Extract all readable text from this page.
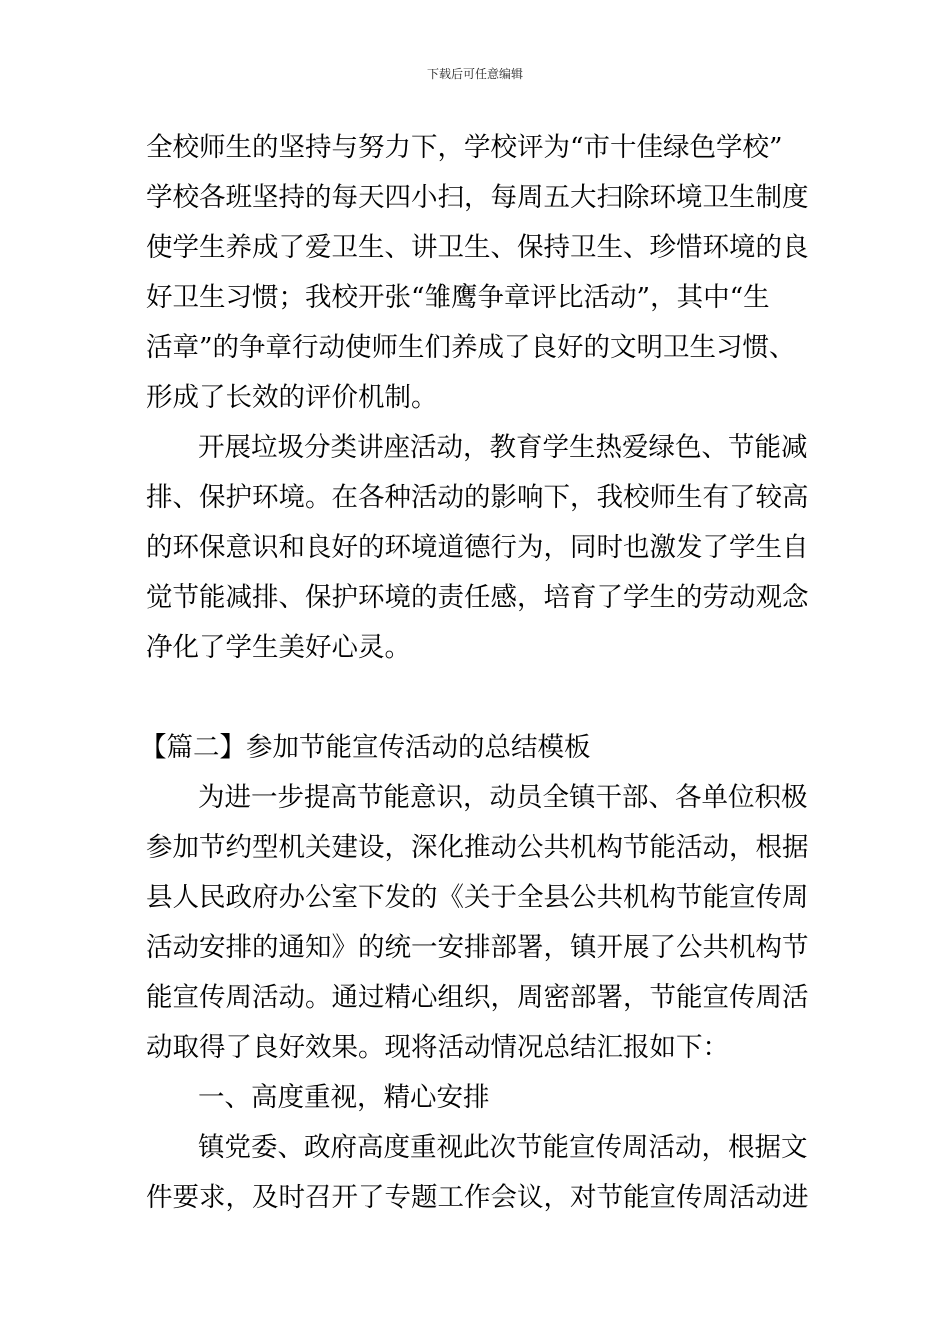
下载后可任意编辑
全校师生的坚持与努力下，学校评为“市十佳绿色学校”
学校各班坚持的每天四小扫，每周五大扫除环境卫生制度
使学生养成了爱卫生、讲卫生、保持卫生、珍惜环境的良
好卫生习惯；我校开张“雏鹰争章评比活动”，其中“生
活章”的争章行动使师生们养成了良好的文明卫生习惯、
形成了长效的评价机制。
开展垃圾分类讲座活动，教育学生热爱绿色、节能减
排、保护环境。在各种活动的影响下，我校师生有了较高
的环保意识和良好的环境道德行为，同时也激发了学生自
觉节能减排、保护环境的责任感，培育了学生的劳动观念
净化了学生美好心灵。
【篇二】参加节能宣传活动的总结模板
为进一步提高节能意识，动员全镇干部、各单位积极
参加节约型机关建设，深化推动公共机构节能活动，根据
县人民政府办公室下发的《关于全县公共机构节能宣传周
活动安排的通知》的统一安排部署，镇开展了公共机构节
能宣传周活动。通过精心组织，周密部署，节能宣传周活
动取得了良好效果。现将活动情况总结汇报如下：
一、高度重视，精心安排
镇党委、政府高度重视此次节能宣传周活动，根据文
件要求，及时召开了专题工作会议，对节能宣传周活动进
